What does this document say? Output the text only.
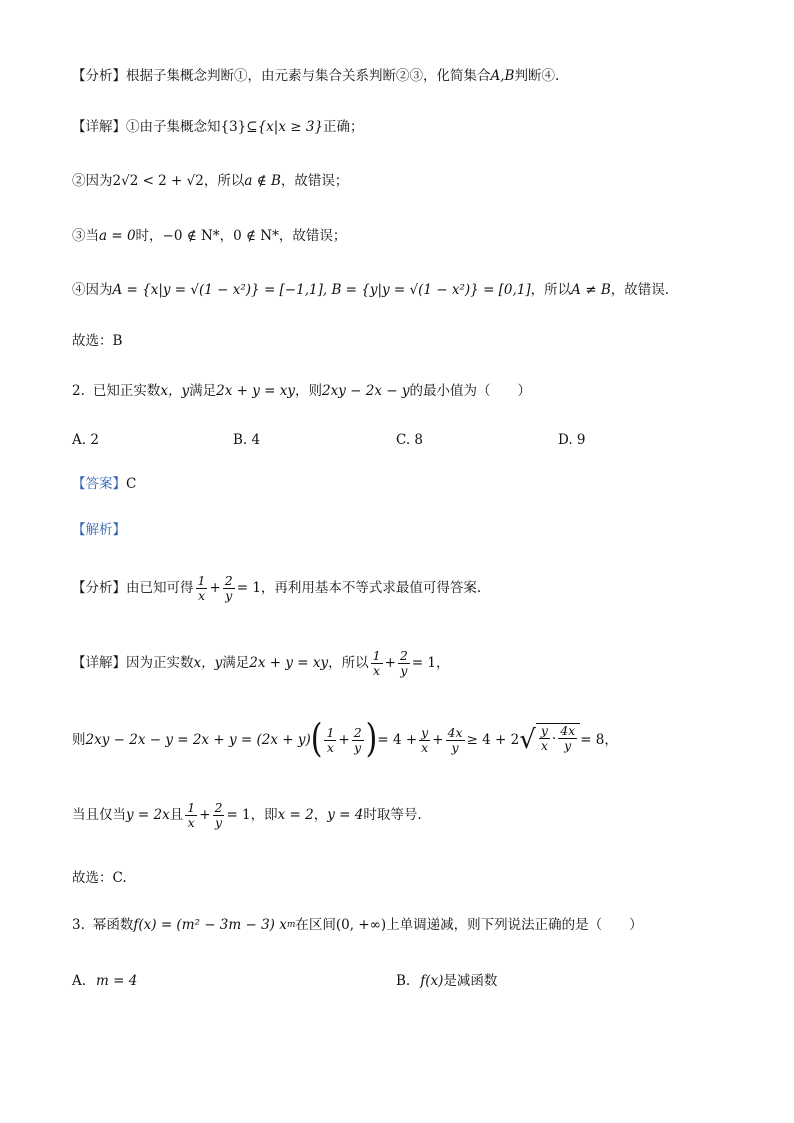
【分析】 根据子集概念判断①，由元素与集合关系判断②③，化简集合 A,B 判断④.
【详解】 ①由子集概念知 {3} ⊆ {x|x ≥ 3} 正确；
②因为 2√2 < 2 + √2 ，所以 a ∉ B ，故错误；
③当 a = 0 时， −0 ∉ N* ， 0 ∉ N* ，故错误；
④因为 A = {x|y = √(1 − x²)} = [−1,1], B = {y|y = √(1 − x²)} = [0,1] ，所以 A ≠ B ，故错误.
故选：B
2. 已知正实数 x，y 满足 2x + y = xy ，则 2xy − 2x − y 的最小值为（　　）
A. 2	B. 4	C. 8	D. 9
【答案】 C
【解析】
【分析】 由已知可得 $\frac{1}{x} + \frac{2}{y} = 1$ ，再利用基本不等式求最值可得答案.
【详解】 因为正实数 x，y 满足 2x + y = xy ，所以 $\frac{1}{x} + \frac{2}{y} = 1$ ，
则 2xy − 2x − y = 2x + y = (2x + y) ( $\frac{1}{x} + \frac{2}{y}$ ) = $4 + \frac{y}{x} + \frac{4x}{y} \ge 4 + 2$ √ $\frac{y}{x} \cdot \frac{4x}{y} = 8$ ，
当且仅当 y = 2x 且 $\frac{1}{x} + \frac{2}{y} = 1$ ，即 x = 2 ， y = 4 时取等号.
故选：C.
3. 幂函数 f(x) = (m² − 3m − 3) x m 在区间 (0, +∞) 上单调递减，则下列说法正确的是（　　）
A. m = 4	B. f(x) 是减函数
